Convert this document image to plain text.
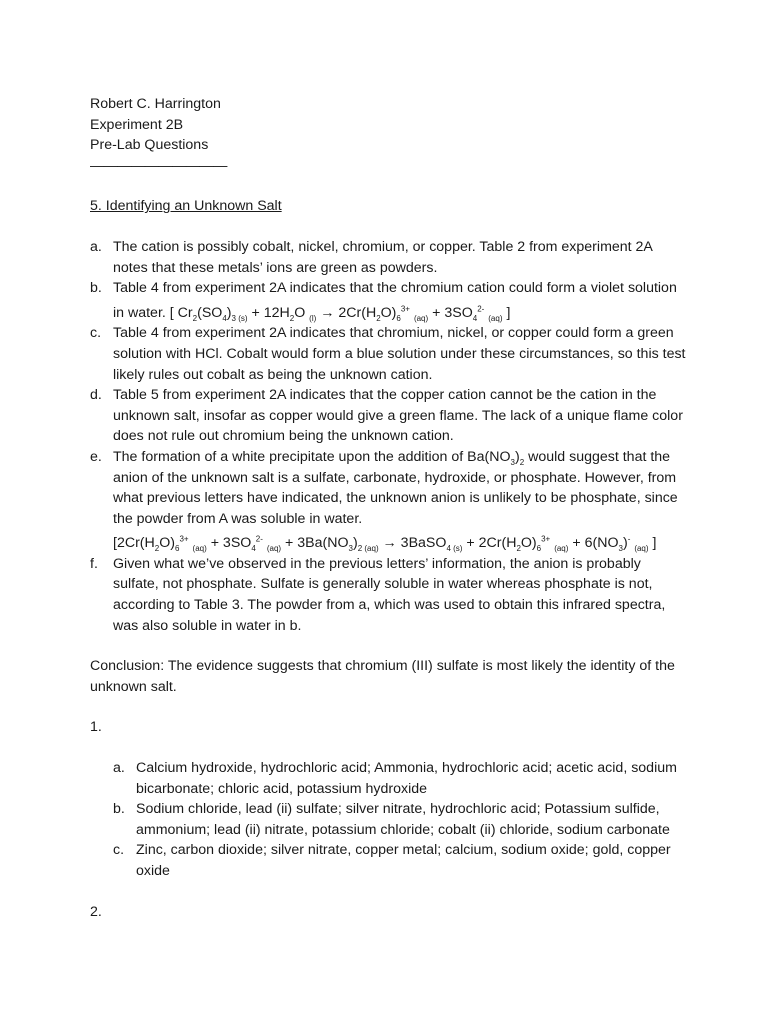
Robert C. Harrington
Experiment 2B
Pre-Lab Questions
——————————
5. Identifying an Unknown Salt
a. The cation is possibly cobalt, nickel, chromium, or copper. Table 2 from experiment 2A notes that these metals’ ions are green as powders.
b. Table 4 from experiment 2A indicates that the chromium cation could form a violet solution in water. [ $Cr_2(SO_4)_{3 (s)} + 12H_2O$ $_{(l)} \to 2Cr(H_2O)_6^{3+}$ $_{(aq)} + 3SO_4^{2-}$ $_{(aq)}$ ]
c. Table 4 from experiment 2A indicates that chromium, nickel, or copper could form a green solution with HCl. Cobalt would form a blue solution under these circumstances, so this test likely rules out cobalt as being the unknown cation.
d. Table 5 from experiment 2A indicates that the copper cation cannot be the cation in the unknown salt, insofar as copper would give a green flame. The lack of a unique flame color does not rule out chromium being the unknown cation.
e. The formation of a white precipitate upon the addition of $Ba(NO_3)_2$ would suggest that the anion of the unknown salt is a sulfate, carbonate, hydroxide, or phosphate. However, from what previous letters have indicated, the unknown anion is unlikely to be phosphate, since the powder from A was soluble in water. [$2Cr(H_2O)_6^{3+}$ $_{(aq)} + 3SO_4^{2-}$ $_{(aq)} + 3Ba(NO_3)_{2 (aq)}$ → 3BaSO$_{4 (s)}$ + $2Cr(H_2O)_6^{3+}$ $_{(aq)} + 6(NO_3)^-$ $_{(aq)}$ ]
f. Given what we’ve observed in the previous letters’ information, the anion is probably sulfate, not phosphate. Sulfate is generally soluble in water whereas phosphate is not, according to Table 3. The powder from a, which was used to obtain this infrared spectra, was also soluble in water in b.
Conclusion: The evidence suggests that chromium (III) sulfate is most likely the identity of the unknown salt.
1.
a. Calcium hydroxide, hydrochloric acid; Ammonia, hydrochloric acid; acetic acid, sodium bicarbonate; chloric acid, potassium hydroxide
b. Sodium chloride, lead (ii) sulfate; silver nitrate, hydrochloric acid; Potassium sulfide, ammonium; lead (ii) nitrate, potassium chloride; cobalt (ii) chloride, sodium carbonate
c. Zinc, carbon dioxide; silver nitrate, copper metal; calcium, sodium oxide; gold, copper oxide
2.
